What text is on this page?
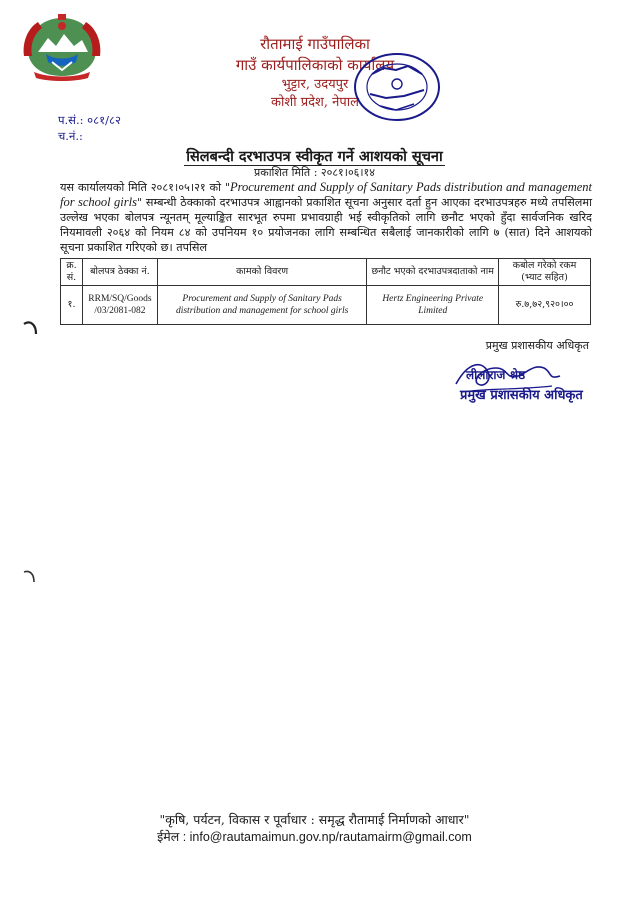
रौतामाई गाउँपालिका
गाउँ कार्यपालिकाको कार्यालय
भुट्टार, उदयपुर
कोशी प्रदेश, नेपाल
प.सं.: ०८१/८२
च.नं.:
सिलबन्दी दरभाउपत्र स्वीकृत गर्ने आशयको सूचना
प्रकाशित मिति : २०८१।०६।१४
यस कार्यालयको मिति २०८१।०५।२१ को "Procurement and Supply of Sanitary Pads distribution and management for school girls" सम्बन्धी ठेक्काको दरभाउपत्र आह्वानको प्रकाशित सूचना अनुसार दर्ता हुन आएका दरभाउपत्रहरु मध्ये तपसिलमा उल्लेख भएका बोलपत्र न्यूनतम् मूल्याङ्कित सारभूत रुपमा प्रभावग्राही भई स्वीकृतिको लागि छनौट भएको हुँदा सार्वजनिक खरिद नियमावली २०६४ को नियम ८४ को उपनियम १० प्रयोजनका लागि सम्बन्धित सबैलाई जानकारीको लागि ७ (सात) दिने आशयको सूचना प्रकाशित गरिएको छ। तपसिल
क्र. सं.	बोलपत्र ठेक्का नं.	कामको विवरण	छनौट भएको दरभाउपत्रदाताको नाम	कबोल गरेको रकम (भ्याट सहित)
१.	RRM/SQ/Goods /03/2081-082	Procurement and Supply of Sanitary Pads distribution and management for school girls	Hertz Engineering Private Limited	रु.७,७२,९२०।००
प्रमुख प्रशासकीय अधिकृत
लीलाराज श्रेष्ठ
प्रमुख प्रशासकीय अधिकृत
"कृषि, पर्यटन, विकास र पूर्वाधार : समृद्ध रौतामाई निर्माणको आधार"
ईमेल : info@rautamaimun.gov.np/rautamairm@gmail.com
